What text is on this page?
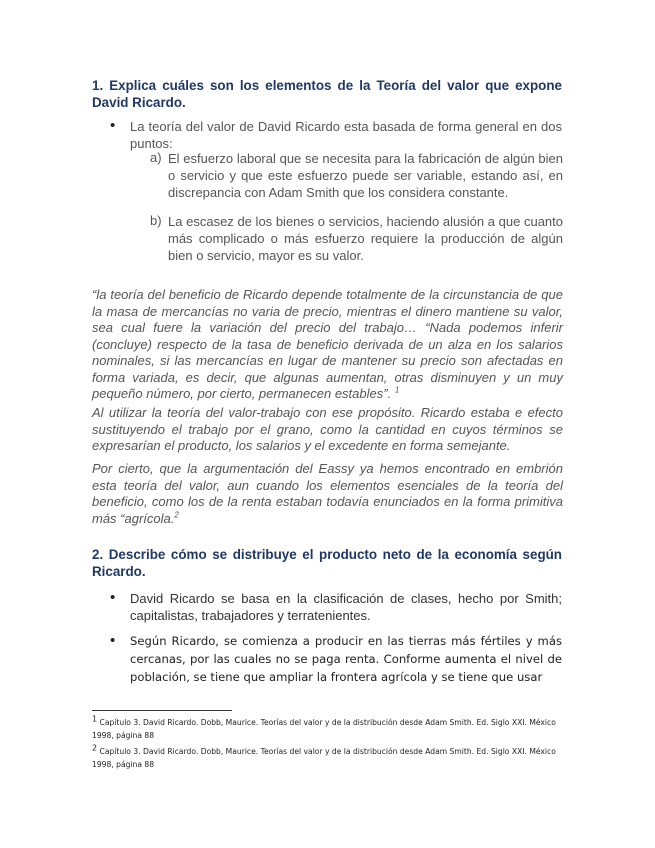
1. Explica cuáles son los elementos de la Teoría del valor que expone David Ricardo.
• La teoría del valor de David Ricardo esta basada de forma general en dos puntos:
a) El esfuerzo laboral que se necesita para la fabricación de algún bien o servicio y que este esfuerzo puede ser variable, estando así, en discrepancia con Adam Smith que los considera constante.
b) La escasez de los bienes o servicios, haciendo alusión a que cuanto más complicado o más esfuerzo requiere la producción de algún bien o servicio, mayor es su valor.
“la teoría del beneficio de Ricardo depende totalmente de la circunstancia de que la masa de mercancías no varia de precio, mientras el dinero mantiene su valor, sea cual fuere la variación del precio del trabajo… “Nada podemos inferir (concluye) respecto de la tasa de beneficio derivada de un alza en los salarios nominales, si las mercancías en lugar de mantener su precio son afectadas en forma variada, es decir, que algunas aumentan, otras disminuyen y un muy pequeño número, por cierto, permanecen estables”. $^1$
Al utilizar la teoría del valor-trabajo con ese propósito. Ricardo estaba e efecto sustituyendo el trabajo por el grano, como la cantidad en cuyos términos se expresarían el producto, los salarios y el excedente en forma semejante.
Por cierto, que la argumentación del Eassy ya hemos encontrado en embrión esta teoría del valor, aun cuando los elementos esenciales de la teoría del beneficio, como los de la renta estaban todavía enunciados en la forma primitiva más “agrícola.$^2$
2. Describe cómo se distribuye el producto neto de la economía según Ricardo.
• David Ricardo se basa en la clasificación de clases, hecho por Smith; capitalistas, trabajadores y terratenientes.
• Según Ricardo, se comienza a producir en las tierras más fértiles y más cercanas, por las cuales no se paga renta. Conforme aumenta el nivel de población, se tiene que ampliar la frontera agrícola y se tiene que usar
$^1$ Capítulo 3. David Ricardo. Dobb, Maurice. Teorías del valor y de la distribución desde Adam Smith. Ed. Siglo XXI. México 1998, página 88
$^2$ Capítulo 3. David Ricardo. Dobb, Maurice. Teorías del valor y de la distribución desde Adam Smith. Ed. Siglo XXI. México 1998, página 88
